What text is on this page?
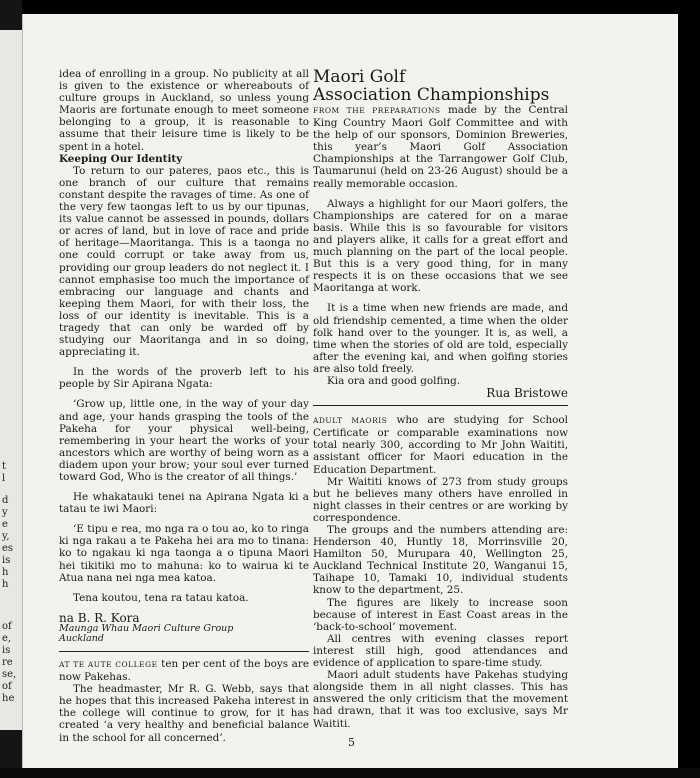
t
l
d
y
e
y,
es
is
h
h
of
e,
is
re
se,
of
he

idea of enrolling in a group. No publicity at all is given to the existence or whereabouts of culture groups in Auckland, so unless young Maoris are fortunate enough to meet someone belonging to a group, it is reasonable to assume that their leisure time is likely to be spent in a hotel.

Keeping Our Identity

To return to our pateres, paos etc., this is one branch of our culture that remains constant despite the ravages of time. As one of the very few taongas left to us by our tipunas, its value cannot be assessed in pounds, dollars or acres of land, but in love of race and pride of heritage—Maoritanga. This is a taonga no one could corrupt or take away from us, providing our group leaders do not neglect it. I cannot emphasise too much the importance of embracing our language and chants and keeping them Maori, for with their loss, the loss of our identity is inevitable. This is a tragedy that can only be warded off by studying our Maoritanga and in so doing, appreciating it.

In the words of the proverb left to his people by Sir Apirana Ngata:

‘Grow up, little one, in the way of your day and age, your hands grasping the tools of the Pakeha for your physical well-being, remembering in your heart the works of your ancestors which are worthy of being worn as a diadem upon your brow; your soul ever turned toward God, Who is the creator of all things.’

He whakatauki tenei na Apirana Ngata ki a tatau te iwi Maori:

‘E tipu e rea, mo nga ra o tou ao, ko to ringa ki nga rakau a te Pakeha hei ara mo to tinana: ko to ngakau ki nga taonga a o tipuna Maori hei tikitiki mo to mahuna: ko to wairua ki te Atua nana nei nga mea katoa.

Tena koutou, tena ra tatau katoa.

na B. R. Kora

Maunga Whau Maori Culture Group

Auckland

AT TE AUTE COLLEGE ten per cent of the boys are now Pakehas.

The headmaster, Mr R. G. Webb, says that he hopes that this increased Pakeha interest in the college will continue to grow, for it has created ‘a very healthy and beneficial balance in the school for all concerned’.

Maori Golf
Association Championships

FROM THE PREPARATIONS made by the Central King Country Maori Golf Committee and with the help of our sponsors, Dominion Breweries, this year’s Maori Golf Association Championships at the Tarrangower Golf Club, Taumarunui (held on 23-26 August) should be a really memorable occasion.

Always a highlight for our Maori golfers, the Championships are catered for on a marae basis. While this is so favourable for visitors and players alike, it calls for a great effort and much planning on the part of the local people. But this is a very good thing, for in many respects it is on these occasions that we see Maoritanga at work.

It is a time when new friends are made, and old friendship cemented, a time when the older folk hand over to the younger. It is, as well, a time when the stories of old are told, especially after the evening kai, and when golfing stories are also told freely.

Kia ora and good golfing.

Rua Bristowe

ADULT MAORIS who are studying for School Certificate or comparable examinations now total nearly 300, according to Mr John Waititi, assistant officer for Maori education in the Education Department.

Mr Waititi knows of 273 from study groups but he believes many others have enrolled in night classes in their centres or are working by correspondence.

The groups and the numbers attending are: Henderson 40, Huntly 18, Morrinsville 20, Hamilton 50, Murupara 40, Wellington 25, Auckland Technical Institute 20, Wanganui 15, Taihape 10, Tamaki 10, individual students know to the department, 25.

The figures are likely to increase soon because of interest in East Coast areas in the ‘back-to-school’ movement.

All centres with evening classes report interest still high, good attendances and evidence of application to spare-time study.

Maori adult students have Pakehas studying alongside them in all night classes. This has answered the only criticism that the movement had drawn, that it was too exclusive, says Mr Waititi.

5
